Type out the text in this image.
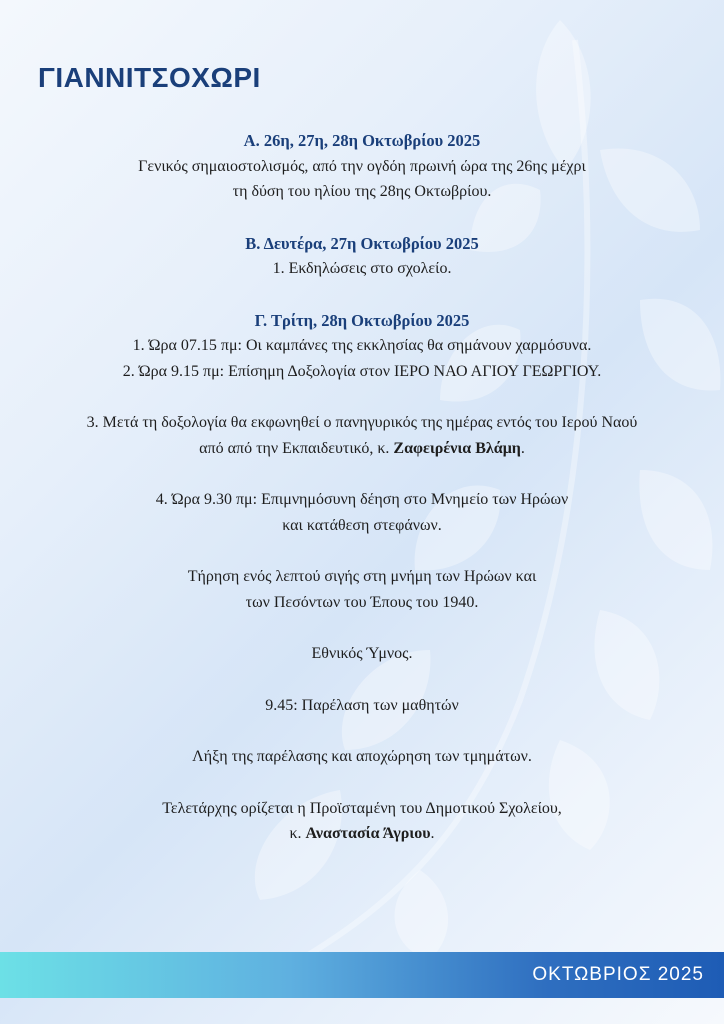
ΓΙΑΝΝΙΤΣΟΧΩΡΙ

Α. 26η, 27η, 28η Οκτωβρίου 2025

Γενικός σημαιοστολισμός, από την ογδόη πρωινή ώρα της 26ης μέχρι

τη δύση του ηλίου της 28ης Οκτωβρίου.

Β. Δευτέρα, 27η Οκτωβρίου 2025

1. Εκδηλώσεις στο σχολείο.

Γ. Τρίτη, 28η Οκτωβρίου 2025

1. Ώρα 07.15 πμ: Οι καμπάνες της εκκλησίας θα σημάνουν χαρμόσυνα.

2. Ώρα 9.15 πμ: Επίσημη Δοξολογία στον ΙΕΡΟ ΝΑΟ ΑΓΙΟΥ ΓΕΩΡΓΙΟΥ.

3. Μετά τη δοξολογία θα εκφωνηθεί ο πανηγυρικός της ημέρας εντός του Ιερού Ναού

από από την Εκπαιδευτικό, κ. Ζαφειρένια Βλάμη.

4. Ώρα 9.30 πμ: Επιμνημόσυνη δέηση στο Μνημείο των Ηρώων

και κατάθεση στεφάνων.

Τήρηση ενός λεπτού σιγής στη μνήμη των Ηρώων και

των Πεσόντων του Έπους του 1940.

Εθνικός Ύμνος.

9.45: Παρέλαση των μαθητών

Λήξη της παρέλασης και αποχώρηση των τμημάτων.

Τελετάρχης ορίζεται η Προϊσταμένη του Δημοτικού Σχολείου,

κ. Αναστασία Άγριου.

ΟΚΤΩΒΡΙΟΣ 2025
